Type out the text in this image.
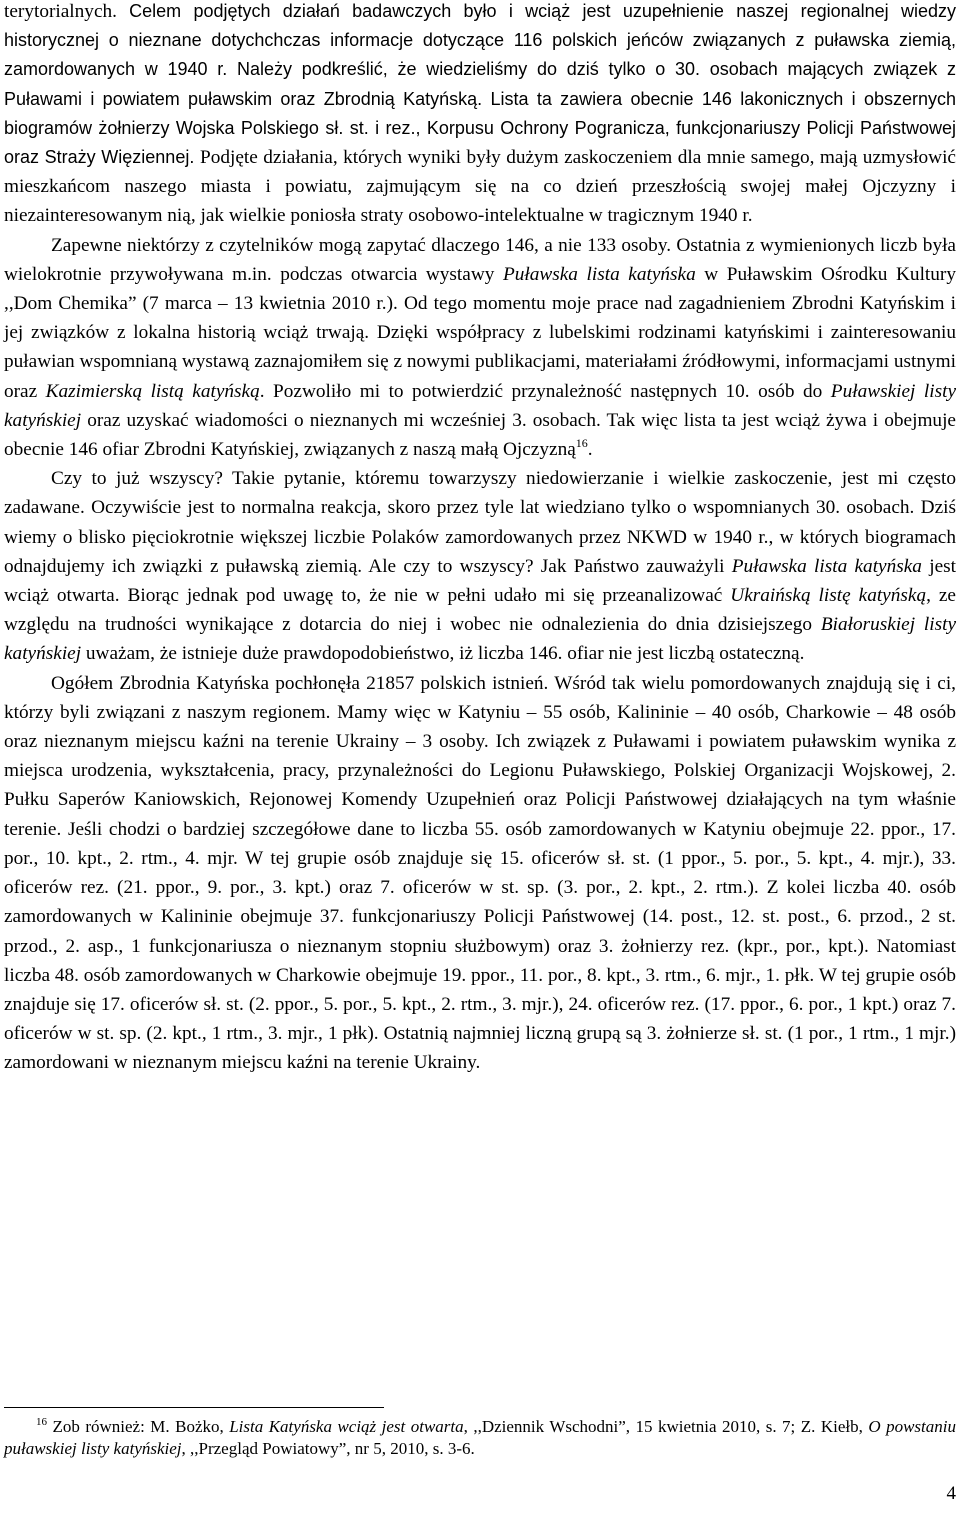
terytorialnych. Celem podjętych działań badawczych było i wciąż jest uzupełnienie naszej regionalnej wiedzy historycznej o nieznane dotychchczas informacje dotyczące 116 polskich jeńców związanych z puławska ziemią, zamordowanych w 1940 r. Należy podkreślić, że wiedzieliśmy do dziś tylko o 30. osobach mających związek z Puławami i powiatem puławskim oraz Zbrodnią Katyńską. Lista ta zawiera obecnie 146 lakonicznych i obszernych biogramów żołnierzy Wojska Polskiego sł. st. i rez., Korpusu Ochrony Pogranicza, funkcjonariuszy Policji Państwowej oraz Straży Więziennej. Podjęte działania, których wyniki były dużym zaskoczeniem dla mnie samego, mają uzmysłowić mieszkańcom naszego miasta i powiatu, zajmującym się na co dzień przeszłością swojej małej Ojczyzny i niezainteresowanym nią, jak wielkie poniosła straty osobowo-intelektualne w tragicznym 1940 r.

Zapewne niektórzy z czytelników mogą zapytać dlaczego 146, a nie 133 osoby. Ostatnia z wymienionych liczb była wielokrotnie przywoływana m.in. podczas otwarcia wystawy Puławska lista katyńska w Puławskim Ośrodku Kultury ,,Dom Chemika” (7 marca – 13 kwietnia 2010 r.). Od tego momentu moje prace nad zagadnieniem Zbrodni Katyńskim i jej związków z lokalna historią wciąż trwają. Dzięki współpracy z lubelskimi rodzinami katyńskimi i zainteresowaniu puławian wspomnianą wystawą zaznajomiłem się z nowymi publikacjami, materiałami źródłowymi, informacjami ustnymi oraz Kazimierską listą katyńską. Pozwoliło mi to potwierdzić przynależność następnych 10. osób do Puławskiej listy katyńskiej oraz uzyskać wiadomości o nieznanych mi wcześniej 3. osobach. Tak więc lista ta jest wciąż żywa i obejmuje obecnie 146 ofiar Zbrodni Katyńskiej, związanych z naszą małą Ojczyzną$^{16}$.

Czy to już wszyscy? Takie pytanie, któremu towarzyszy niedowierzanie i wielkie zaskoczenie, jest mi często zadawane. Oczywiście jest to normalna reakcja, skoro przez tyle lat wiedziano tylko o wspomnianych 30. osobach. Dziś wiemy o blisko pięciokrotnie większej liczbie Polaków zamordowanych przez NKWD w 1940 r., w których biogramach odnajdujemy ich związki z puławską ziemią. Ale czy to wszyscy? Jak Państwo zauważyli Puławska lista katyńska jest wciąż otwarta. Biorąc jednak pod uwagę to, że nie w pełni udało mi się przeanalizować Ukraińską listę katyńską, ze względu na trudności wynikające z dotarcia do niej i wobec nie odnalezienia do dnia dzisiejszego Białoruskiej listy katyńskiej uważam, że istnieje duże prawdopodobieństwo, iż liczba 146. ofiar nie jest liczbą ostateczną.

Ogółem Zbrodnia Katyńska pochłonęła 21857 polskich istnień. Wśród tak wielu pomordowanych znajdują się i ci, którzy byli związani z naszym regionem. Mamy więc w Katyniu – 55 osób, Kalininie – 40 osób, Charkowie – 48 osób oraz nieznanym miejscu kaźni na terenie Ukrainy – 3 osoby. Ich związek z Puławami i powiatem puławskim wynika z miejsca urodzenia, wykształcenia, pracy, przynależności do Legionu Puławskiego, Polskiej Organizacji Wojskowej, 2. Pułku Saperów Kaniowskich, Rejonowej Komendy Uzupełnień oraz Policji Państwowej działających na tym właśnie terenie. Jeśli chodzi o bardziej szczegółowe dane to liczba 55. osób zamordowanych w Katyniu obejmuje 22. ppor., 17. por., 10. kpt., 2. rtm., 4. mjr. W tej grupie osób znajduje się 15. oficerów sł. st. (1 ppor., 5. por., 5. kpt., 4. mjr.), 33. oficerów rez. (21. ppor., 9. por., 3. kpt.) oraz 7. oficerów w st. sp. (3. por., 2. kpt., 2. rtm.). Z kolei liczba 40. osób zamordowanych w Kalininie obejmuje 37. funkcjonariuszy Policji Państwowej (14. post., 12. st. post., 6. przod., 2 st. przod., 2. asp., 1 funkcjonariusza o nieznanym stopniu służbowym) oraz 3. żołnierzy rez. (kpr., por., kpt.). Natomiast liczba 48. osób zamordowanych w Charkowie obejmuje 19. ppor., 11. por., 8. kpt., 3. rtm., 6. mjr., 1. płk. W tej grupie osób znajduje się 17. oficerów sł. st. (2. ppor., 5. por., 5. kpt., 2. rtm., 3. mjr.), 24. oficerów rez. (17. ppor., 6. por., 1 kpt.) oraz 7. oficerów w st. sp. (2. kpt., 1 rtm., 3. mjr., 1 płk). Ostatnią najmniej liczną grupą są 3. żołnierze sł. st. (1 por., 1 rtm., 1 mjr.) zamordowani w nieznanym miejscu kaźni na terenie Ukrainy.

$^{16}$ Zob również: M. Bożko, Lista Katyńska wciąż jest otwarta, ,,Dziennik Wschodni”, 15 kwietnia 2010, s. 7; Z. Kiełb, O powstaniu puławskiej listy katyńskiej, ,,Przegląd Powiatowy”, nr 5, 2010, s. 3-6.

4
